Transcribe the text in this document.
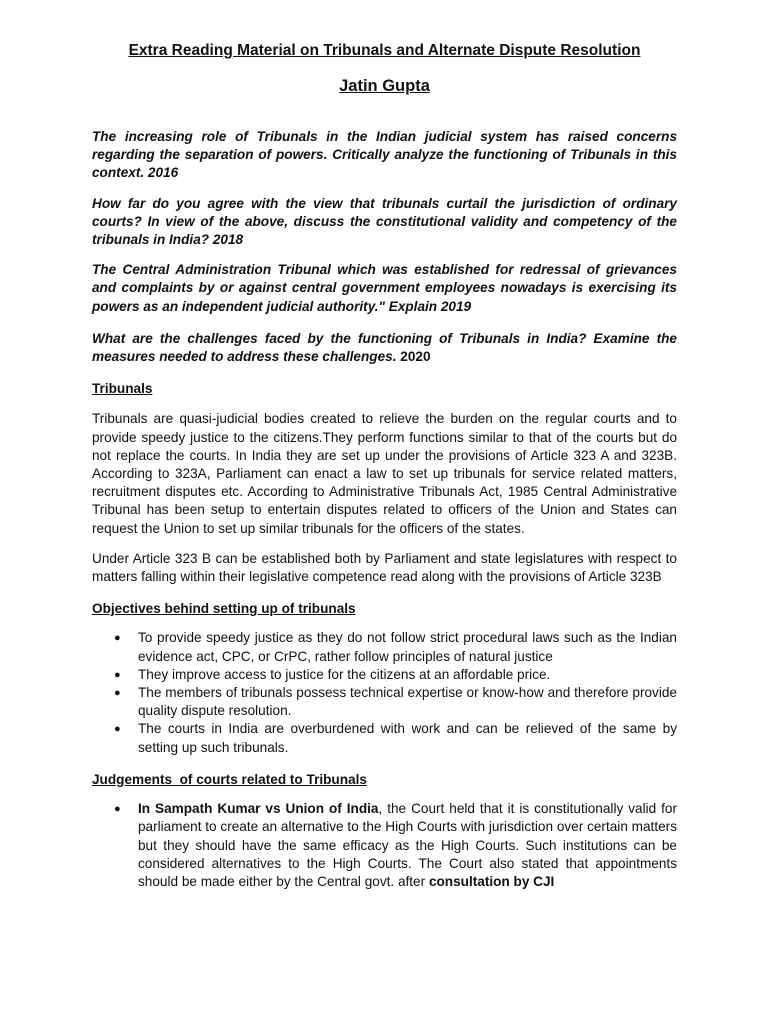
Extra Reading Material on Tribunals and Alternate Dispute Resolution
Jatin Gupta

The increasing role of Tribunals in the Indian judicial system has raised concerns regarding the separation of powers. Critically analyze the functioning of Tribunals in this context. 2016

How far do you agree with the view that tribunals curtail the jurisdiction of ordinary courts? In view of the above, discuss the constitutional validity and competency of the tribunals in India? 2018

The Central Administration Tribunal which was established for redressal of grievances and complaints by or against central government employees nowadays is exercising its powers as an independent judicial authority." Explain 2019

What are the challenges faced by the functioning of Tribunals in India? Examine the measures needed to address these challenges. 2020

Tribunals

Tribunals are quasi-judicial bodies created to relieve the burden on the regular courts and to provide speedy justice to the citizens.They perform functions similar to that of the courts but do not replace the courts. In India they are set up under the provisions of Article 323 A and 323B. According to 323A, Parliament can enact a law to set up tribunals for service related matters, recruitment disputes etc. According to Administrative Tribunals Act, 1985 Central Administrative Tribunal has been setup to entertain disputes related to officers of the Union and States can request the Union to set up similar tribunals for the officers of the states.

Under Article 323 B can be established both by Parliament and state legislatures with respect to matters falling within their legislative competence read along with the provisions of Article 323B

Objectives behind setting up of tribunals
● To provide speedy justice as they do not follow strict procedural laws such as the Indian evidence act, CPC, or CrPC, rather follow principles of natural justice
● They improve access to justice for the citizens at an affordable price.
● The members of tribunals possess technical expertise or know-how and therefore provide quality dispute resolution.
● The courts in India are overburdened with work and can be relieved of the same by setting up such tribunals.
Judgements  of courts related to Tribunals
● In Sampath Kumar vs Union of India, the Court held that it is constitutionally valid for parliament to create an alternative to the High Courts with jurisdiction over certain matters but they should have the same efficacy as the High Courts. Such institutions can be considered alternatives to the High Courts. The Court also stated that appointments should be made either by the Central govt. after consultation by CJI
